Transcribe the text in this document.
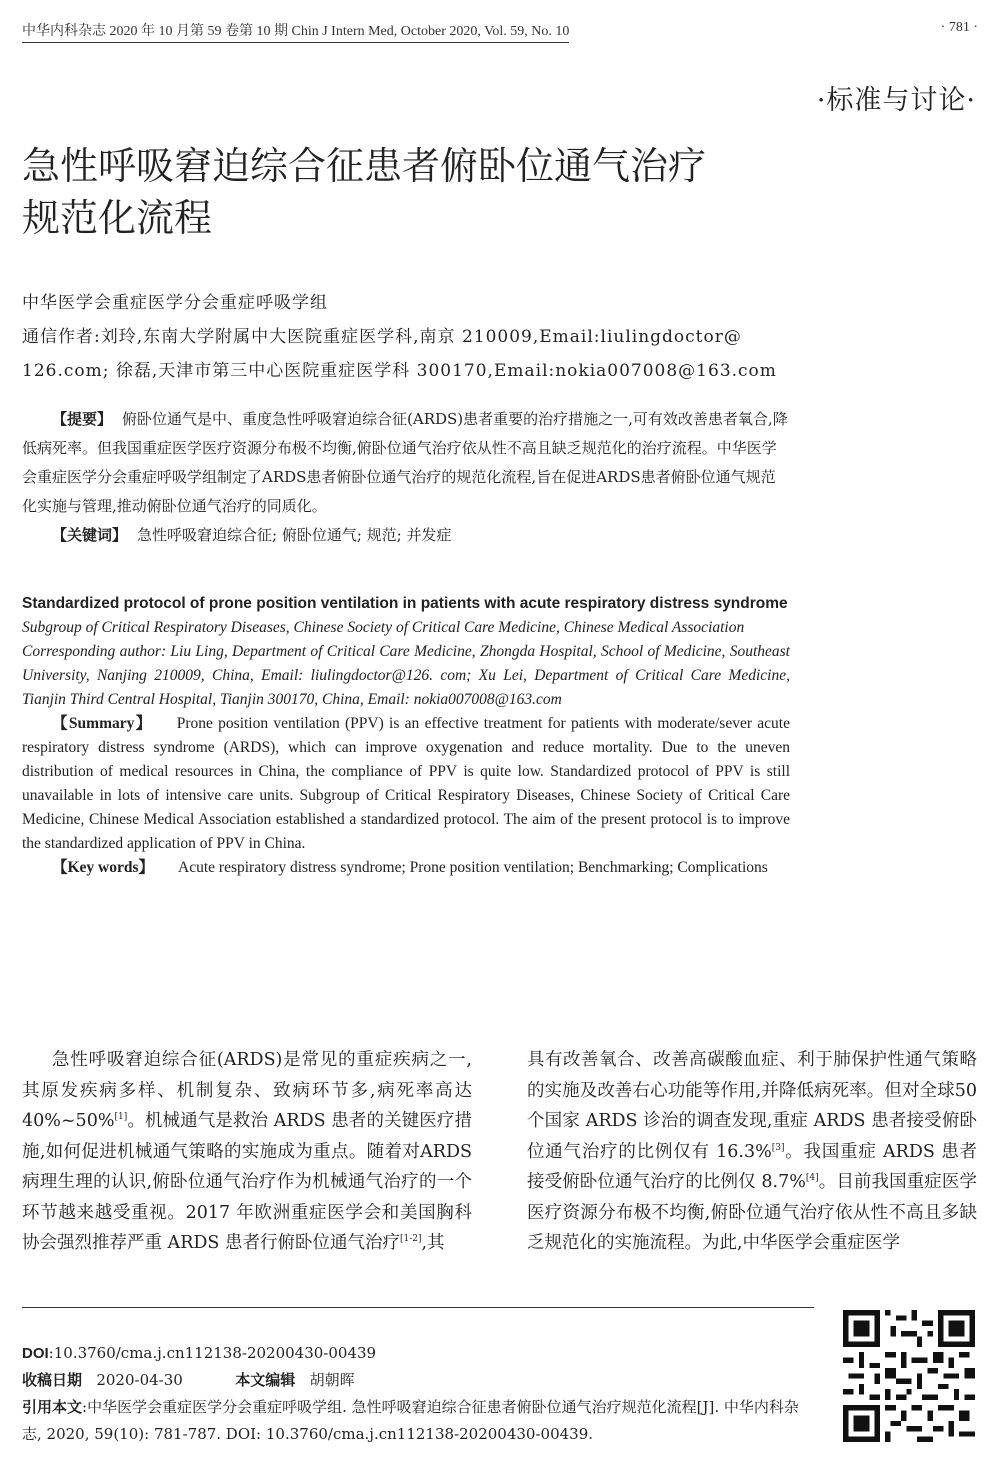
中华内科杂志 2020 年 10 月第 59 卷第 10 期 Chin J Intern Med, October 2020, Vol. 59, No. 10	· 781 ·
·标准与讨论·
急性呼吸窘迫综合征患者俯卧位通气治疗
规范化流程
中华医学会重症医学分会重症呼吸学组
通信作者:刘玲,东南大学附属中大医院重症医学科,南京 210009,Email:liulingdoctor@
126.com; 徐磊,天津市第三中心医院重症医学科 300170,Email:nokia007008@163.com
【提要】 俯卧位通气是中、重度急性呼吸窘迫综合征(ARDS)患者重要的治疗措施之一,可有效改善患者氧合,降低病死率。但我国重症医学医疗资源分布极不均衡,俯卧位通气治疗依从性不高且缺乏规范化的治疗流程。中华医学会重症医学分会重症呼吸学组制定了ARDS患者俯卧位通气治疗的规范化流程,旨在促进ARDS患者俯卧位通气规范化实施与管理,推动俯卧位通气治疗的同质化。
【关键词】 急性呼吸窘迫综合征; 俯卧位通气; 规范; 并发症
Standardized protocol of prone position ventilation in patients with acute respiratory distress syndrome
Subgroup of Critical Respiratory Diseases, Chinese Society of Critical Care Medicine, Chinese Medical Association
Corresponding author: Liu Ling, Department of Critical Care Medicine, Zhongda Hospital, School of Medicine, Southeast University, Nanjing 210009, China, Email: liulingdoctor@126. com; Xu Lei, Department of Critical Care Medicine, Tianjin Third Central Hospital, Tianjin 300170, China, Email: nokia007008@163.com
【Summary】 Prone position ventilation (PPV) is an effective treatment for patients with moderate/sever acute respiratory distress syndrome (ARDS), which can improve oxygenation and reduce mortality. Due to the uneven distribution of medical resources in China, the compliance of PPV is quite low. Standardized protocol of PPV is still unavailable in lots of intensive care units. Subgroup of Critical Respiratory Diseases, Chinese Society of Critical Care Medicine, Chinese Medical Association established a standardized protocol. The aim of the present protocol is to improve the standardized application of PPV in China.
【Key words】 Acute respiratory distress syndrome; Prone position ventilation; Benchmarking; Complications
急性呼吸窘迫综合征(ARDS)是常见的重症疾病之一,其原发疾病多样、机制复杂、致病环节多,病死率高达 40%~50%[1]。机械通气是救治 ARDS 患者的关键医疗措施,如何促进机械通气策略的实施成为重点。随着对ARDS病理生理的认识,俯卧位通气治疗作为机械通气治疗的一个环节越来越受重视。2017 年欧洲重症医学会和美国胸科协会强烈推荐严重 ARDS 患者行俯卧位通气治疗[1-2],其
具有改善氧合、改善高碳酸血症、利于肺保护性通气策略的实施及改善右心功能等作用,并降低病死率。但对全球50个国家 ARDS 诊治的调查发现,重症 ARDS 患者接受俯卧位通气治疗的比例仅有 16.3%[3]。我国重症 ARDS 患者接受俯卧位通气治疗的比例仅 8.7%[4]。目前我国重症医学医疗资源分布极不均衡,俯卧位通气治疗依从性不高且多缺乏规范化的实施流程。为此,中华医学会重症医学
DOI:10.3760/cma.j.cn112138-20200430-00439
收稿日期 2020-04-30	本文编辑 胡朝晖
引用本文:中华医学会重症医学分会重症呼吸学组. 急性呼吸窘迫综合征患者俯卧位通气治疗规范化流程[J]. 中华内科杂志, 2020, 59(10): 781-787. DOI: 10.3760/cma.j.cn112138-20200430-00439.
